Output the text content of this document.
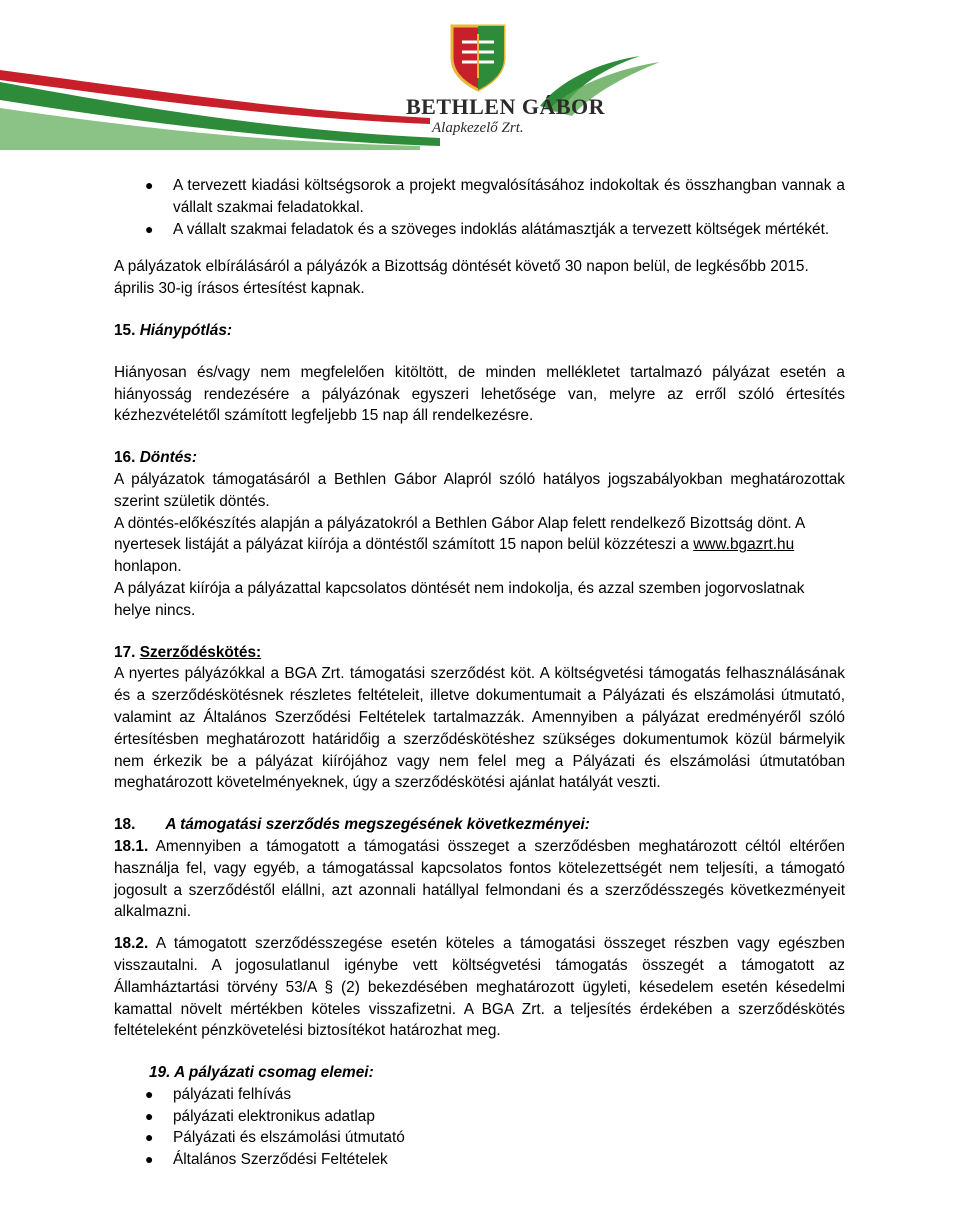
BETHLEN GÁBOR
Alapkezelő Zrt.
● A tervezett kiadási költségsorok a projekt megvalósításához indokoltak és összhangban vannak a vállalt szakmai feladatokkal.
● A vállalt szakmai feladatok és a szöveges indoklás alátámasztják a tervezett költségek mértékét.

A pályázatok elbírálásáról a pályázók a Bizottság döntését követő 30 napon belül, de legkésőbb 2015. április 30-ig írásos értesítést kapnak.

15. Hiánypótlás:

Hiányosan és/vagy nem megfelelően kitöltött, de minden mellékletet tartalmazó pályázat esetén a hiányosság rendezésére a pályázónak egyszeri lehetősége van, melyre az erről szóló értesítés kézhezvételétől számított legfeljebb 15 nap áll rendelkezésre.

16. Döntés:

A pályázatok támogatásáról a Bethlen Gábor Alapról szóló hatályos jogszabályokban meghatározottak szerint születik döntés.

A döntés-előkészítés alapján a pályázatokról a Bethlen Gábor Alap felett rendelkező Bizottság dönt. A nyertesek listáját a pályázat kiírója a döntéstől számított 15 napon belül közzéteszi a www.bgazrt.hu honlapon.

A pályázat kiírója a pályázattal kapcsolatos döntését nem indokolja, és azzal szemben jogorvoslatnak helye nincs.

17. Szerződéskötés:

A nyertes pályázókkal a BGA Zrt. támogatási szerződést köt. A költségvetési támogatás felhasználásának és a szerződéskötésnek részletes feltételeit, illetve dokumentumait a Pályázati és elszámolási útmutató, valamint az Általános Szerződési Feltételek tartalmazzák. Amennyiben a pályázat eredményéről szóló értesítésben meghatározott határidőig a szerződéskötéshez szükséges dokumentumok közül bármelyik nem érkezik be a pályázat kiírójához vagy nem felel meg a Pályázati és elszámolási útmutatóban meghatározott követelményeknek, úgy a szerződéskötési ajánlat hatályát veszti.

18. A támogatási szerződés megszegésének következményei:

18.1. Amennyiben a támogatott a támogatási összeget a szerződésben meghatározott céltól eltérően használja fel, vagy egyéb, a támogatással kapcsolatos fontos kötelezettségét nem teljesíti, a támogató jogosult a szerződéstől elállni, azt azonnali hatállyal felmondani és a szerződésszegés következményeit alkalmazni.

18.2. A támogatott szerződésszegése esetén köteles a támogatási összeget részben vagy egészben visszautalni. A jogosulatlanul igénybe vett költségvetési támogatás összegét a támogatott az Államháztartási törvény 53/A § (2) bekezdésében meghatározott ügyleti, késedelem esetén késedelmi kamattal növelt mértékben köteles visszafizetni. A BGA Zrt. a teljesítés érdekében a szerződéskötés feltételeként pénzkövetelési biztosítékot határozhat meg.

19. A pályázati csomag elemei:

● pályázati felhívás
● pályázati elektronikus adatlap
● Pályázati és elszámolási útmutató
● Általános Szerződési Feltételek
